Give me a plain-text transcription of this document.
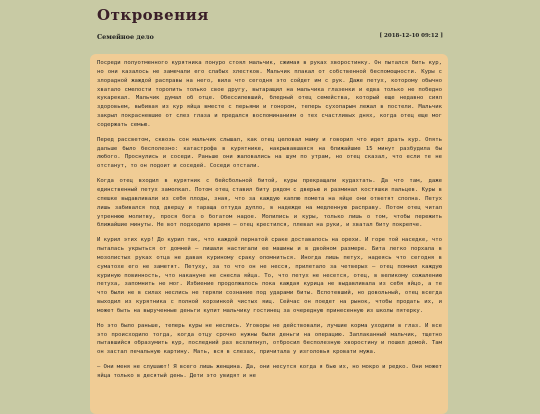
Откровения
Семейное дело	[ 2018-12-10 09:12 ]

Посреди полуотменного курятника понуро стоял мальчик, сжимая в руках хворостинку. Он пытался бить кур, но они казалось не замечали его слабых хлестков. Мальчик плакал от собственной беспомощности. Куры с злорадной жаждой расправы на него, вила что сегодня это сойдет им с рук. Даже петух, которому обычно хватало смелости торопить только свое другу, вытаращил на мальчика глазенки и едва только не победно кукарекал. Мальчик думал об отце. Обессилевший, бледный отец семейства, который еще недавно сиял здоровьем, выбивая из кур яйца вместе с перьями и гонором, теперь сухопарым лежал в постели. Мальчик закрыл покрасневшие от слез глаза и предался воспоминаниям о тех счастливых днях, когда отец еще мог содержать семью.

Перед рассветом, сквозь сон мальчик слышал, как отец целовал маму и говорил что идет драть кур. Опять дальше было бесполезно: катастрофа в курятнике, накрывавшаяся на ближайшие 15 минут разбудила бы любого. Проснулись и соседи. Раньше они жаловались на шум по утрам, но отец сказал, что если те не отстанут, то он подоит и соседей. Соседи отстали.

Когда отец входил в курятник с бейсбольной битой, куры прекращали кудахтать. Да что там, даже единственный петух замолкал. Потом отец ставил биту рядом с дверью и разминал костяшки пальцев. Куры в спешке выдавливали из себя плоды, зная, что за каждую каплю помета на яйце они ответят сполна. Петух лишь забивался под дверцу и тараща оттуда дупло, в надежде на медленную расправу. Потом отец читал утреннюю молитву, прося бога о богатом надое. Молились и куры, только лишь о том, чтобы пережить ближайшие минуты. Не вот подходило время — отец крестился, плевал на руки, и хватал биту покрепче.

И курил этих кур! До курил так, что каждой пернатой сраке доставалось на орехи. И горе той наседке, что пыталась укрыться от домней — лишали настигали ее машины и в двойном размере. Бита легко порхала в мозолистых руках отца не давая куриному сраку опомниться. Иногда лишь петух, надеясь что сегодня в суматохе его не заметят. Петуху, за то что он не несся, прилетало за четверых — отец помнил каждую куриную повинность, что накануне не снесла яйца. То, что петух не несется, отец, в великому сожалению петуха, запомнить не мог. Избиение продолжалось пока каждая курица не выдавливала из себя яйцо, а те что были не в силах неслись не теряли сознание под ударами биты. Вспотевший, но довольный, отец всегда выходил из курятника с полной корзинкой чистых яиц. Сейчас он поедет на рынок, чтобы продать их, и может быть на вырученные деньги купит мальчику гостинец за очередную принесенную из школы пятерку.

Но это было раньше, теперь куры не неслись. Уговоры не действовали, лучшие корма уходили в глаз. И все это происходило тогда, когда отцу срочно нужны были деньги на операцию. Заплаканный мальчик, тщетно пытавшийся образумить кур, последний раз всхлипнул, отбросил бесполезную хворостину и пошел домой. Там он застал печальную картину. Мать, вся в слезах, причитала у изголовья кровати мужа.

— Они меня не слушают! Я всего лишь женщина. Да, они несутся когда я бью их, но мокро и редко. Они может яйца только в десятый день. Дети это увидят и не
